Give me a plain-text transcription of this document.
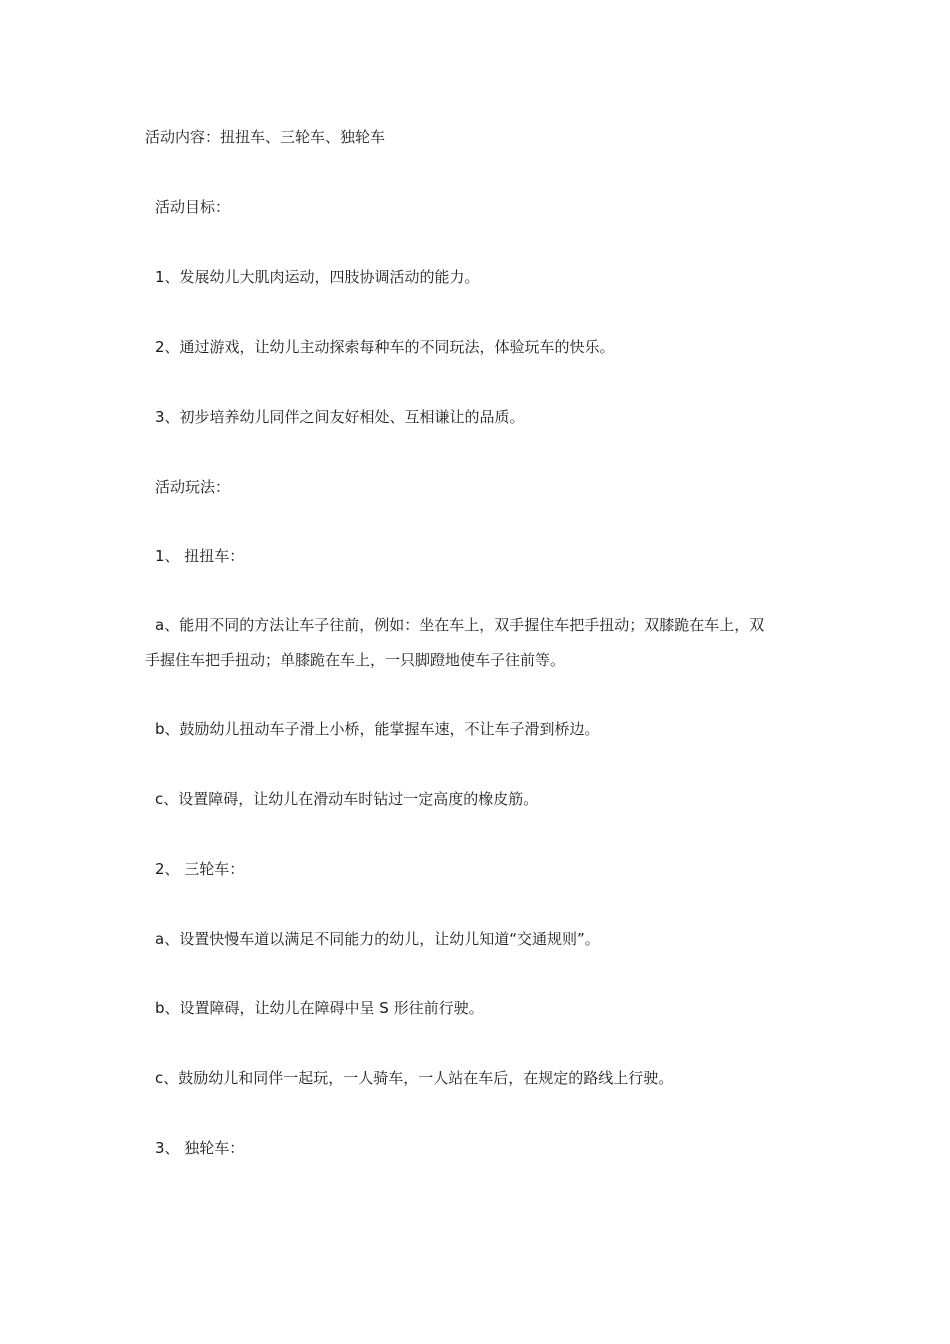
活动内容：扭扭车、三轮车、独轮车
活动目标：
1、发展幼儿大肌肉运动，四肢协调活动的能力。
2、通过游戏，让幼儿主动探索每种车的不同玩法，体验玩车的快乐。
3、初步培养幼儿同伴之间友好相处、互相谦让的品质。
活动玩法：
1、 扭扭车：
a、能用不同的方法让车子往前，例如：坐在车上，双手握住车把手扭动；双膝跪在车上，双
手握住车把手扭动；单膝跪在车上，一只脚蹬地使车子往前等。
b、鼓励幼儿扭动车子滑上小桥，能掌握车速，不让车子滑到桥边。
c、设置障碍，让幼儿在滑动车时钻过一定高度的橡皮筋。
2、 三轮车：
a、设置快慢车道以满足不同能力的幼儿，让幼儿知道“交通规则”。
b、设置障碍，让幼儿在障碍中呈 S 形往前行驶。
c、鼓励幼儿和同伴一起玩，一人骑车，一人站在车后，在规定的路线上行驶。
3、 独轮车：
